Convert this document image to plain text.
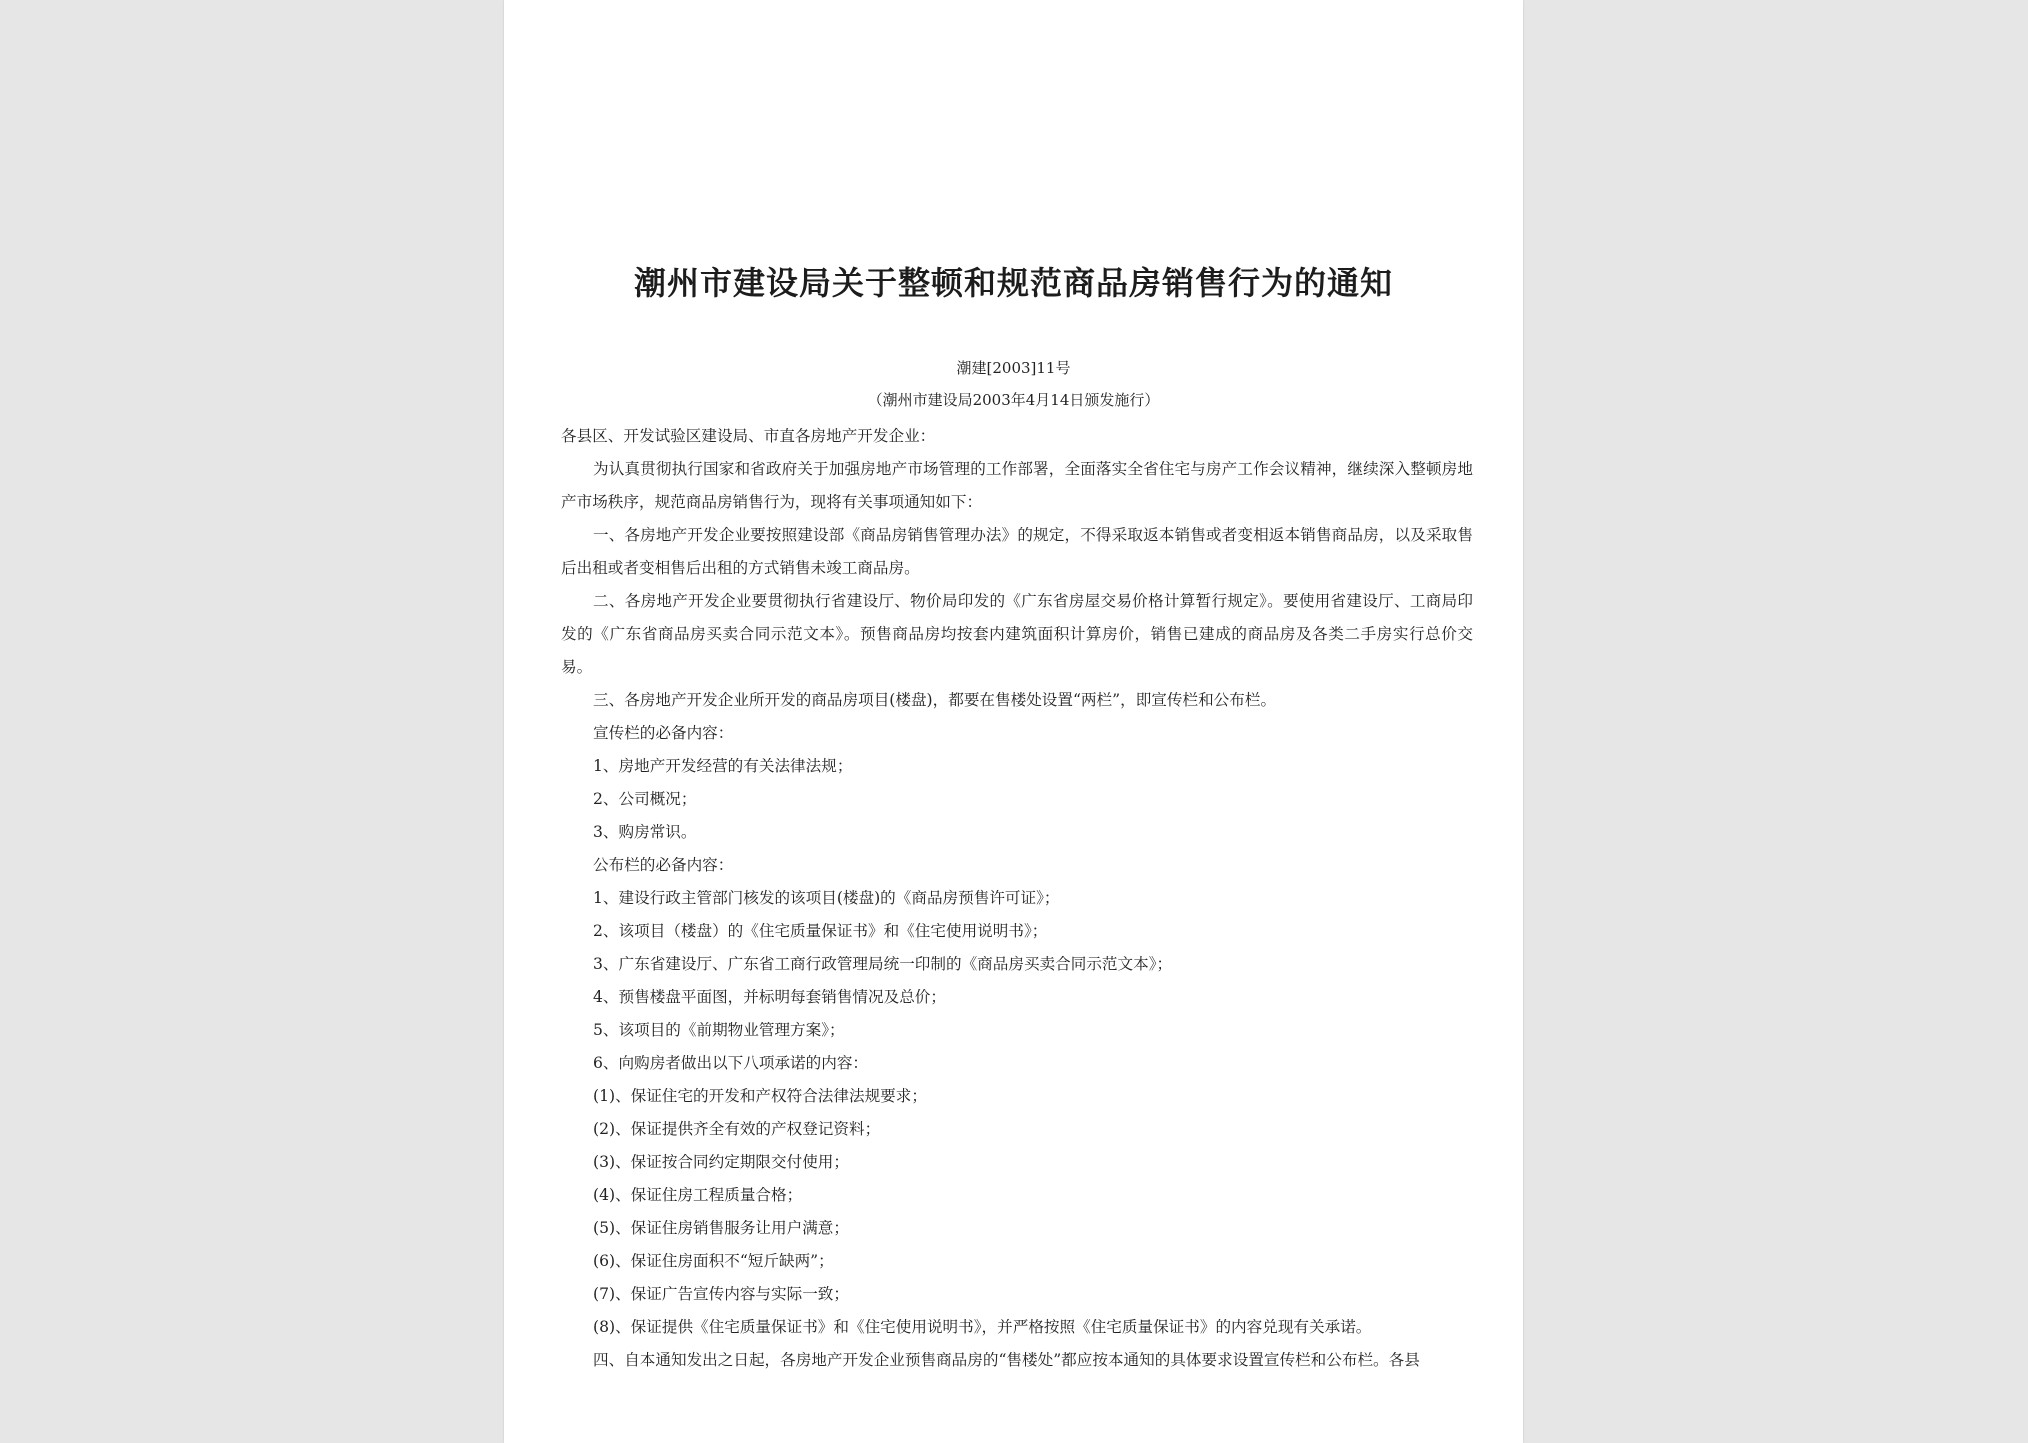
潮州市建设局关于整顿和规范商品房销售行为的通知
潮建[2003]11号
（潮州市建设局2003年4月14日颁发施行）

各县区、开发试验区建设局、市直各房地产开发企业：

为认真贯彻执行国家和省政府关于加强房地产市场管理的工作部署，全面落实全省住宅与房产工作会议精神，继续深入整顿房地产市场秩序，规范商品房销售行为，现将有关事项通知如下：

一、各房地产开发企业要按照建设部《商品房销售管理办法》的规定，不得采取返本销售或者变相返本销售商品房，以及采取售后出租或者变相售后出租的方式销售未竣工商品房。

二、各房地产开发企业要贯彻执行省建设厅、物价局印发的《广东省房屋交易价格计算暂行规定》。要使用省建设厅、工商局印发的《广东省商品房买卖合同示范文本》。预售商品房均按套内建筑面积计算房价，销售已建成的商品房及各类二手房实行总价交易。

三、各房地产开发企业所开发的商品房项目(楼盘)，都要在售楼处设置“两栏”，即宣传栏和公布栏。

宣传栏的必备内容：

1、房地产开发经营的有关法律法规；

2、公司概况；

3、购房常识。

公布栏的必备内容：

1、建设行政主管部门核发的该项目(楼盘)的《商品房预售许可证》；

2、该项目（楼盘）的《住宅质量保证书》和《住宅使用说明书》；

3、广东省建设厅、广东省工商行政管理局统一印制的《商品房买卖合同示范文本》；

4、预售楼盘平面图，并标明每套销售情况及总价；

5、该项目的《前期物业管理方案》；

6、向购房者做出以下八项承诺的内容：

(1)、保证住宅的开发和产权符合法律法规要求；

(2)、保证提供齐全有效的产权登记资料；

(3)、保证按合同约定期限交付使用；

(4)、保证住房工程质量合格；

(5)、保证住房销售服务让用户满意；

(6)、保证住房面积不“短斤缺两”；

(7)、保证广告宣传内容与实际一致；

(8)、保证提供《住宅质量保证书》和《住宅使用说明书》，并严格按照《住宅质量保证书》的内容兑现有关承诺。

四、自本通知发出之日起，各房地产开发企业预售商品房的“售楼处”都应按本通知的具体要求设置宣传栏和公布栏。各县
